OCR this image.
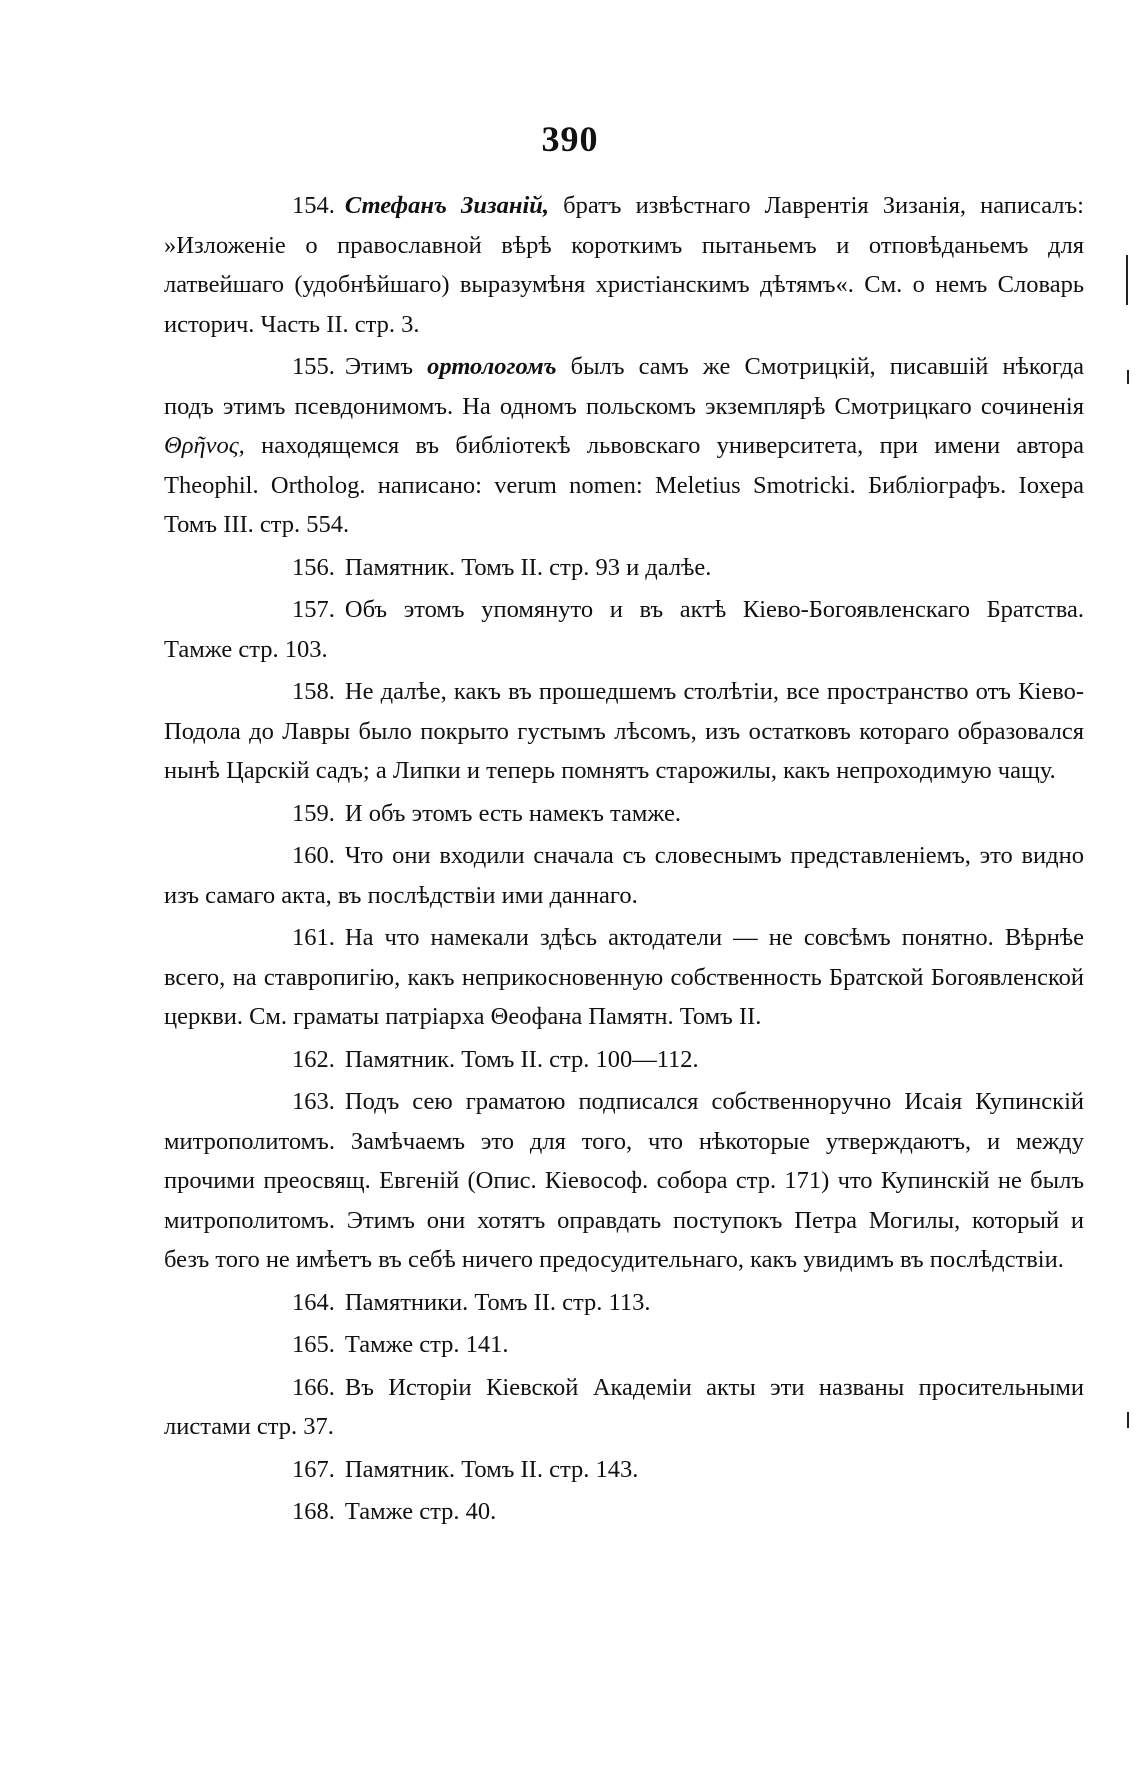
390

154. Стефанъ Зизаній, братъ извѣстнаго Лаврентія Зизанія, написалъ: »Изложеніе о православной вѣрѣ короткимъ пытаньемъ и отповѣданьемъ для латвейшаго (удобнѣйшаго) выразумѣня христіанскимъ дѣтямъ«. См. о немъ Словарь историч. Часть II. стр. 3.

155. Этимъ ортологомъ былъ самъ же Смотрицкій, писавшій нѣкогда подъ этимъ псевдонимомъ. На одномъ польскомъ экземплярѣ Смотрицкаго сочиненія Θρῆνος, находящемся въ библіотекѣ львовскаго университета, при имени автора Theophil. Ortholog. написано: verum nomen: Meletius Smotricki. Библіографъ. Іохера Томъ III. стр. 554.

156. Памятник. Томъ II. стр. 93 и далѣе.

157. Объ этомъ упомянуто и въ актѣ Кіево-Богоявленскаго Братства. Тамже стр. 103.

158. Не далѣе, какъ въ прошедшемъ столѣтіи, все пространство отъ Кіево-Подола до Лавры было покрыто густымъ лѣсомъ, изъ остатковъ котораго образовался нынѣ Царскій садъ; а Липки и теперь помнятъ старожилы, какъ непроходимую чащу.

159. И объ этомъ есть намекъ тамже.

160. Что они входили сначала съ словеснымъ представленіемъ, это видно изъ самаго акта, въ послѣдствіи ими даннаго.

161. На что намекали здѣсь актодатели — не совсѣмъ понятно. Вѣрнѣе всего, на ставропигію, какъ неприкосновенную собственность Братской Богоявленской церкви. См. граматы патріарха Θеофана Памятн. Томъ II.

162. Памятник. Томъ II. стр. 100—112.

163. Подъ сею граматою подписался собственноручно Исаія Купинскій митрополитомъ. Замѣчаемъ это для того, что нѣкоторые утверждаютъ, и между прочими преосвящ. Евгеній (Опис. Кіевософ. собора стр. 171) что Купинскій не былъ митрополитомъ. Этимъ они хотятъ оправдать поступокъ Петра Могилы, который и безъ того не имѣетъ въ себѣ ничего предосудительнаго, какъ увидимъ въ послѣдствіи.

164. Памятники. Томъ II. стр. 113.

165. Тамже стр. 141.

166. Въ Исторіи Кіевской Академіи акты эти названы просительными листами стр. 37.

167. Памятник. Томъ II. стр. 143.

168. Тамже стр. 40.
